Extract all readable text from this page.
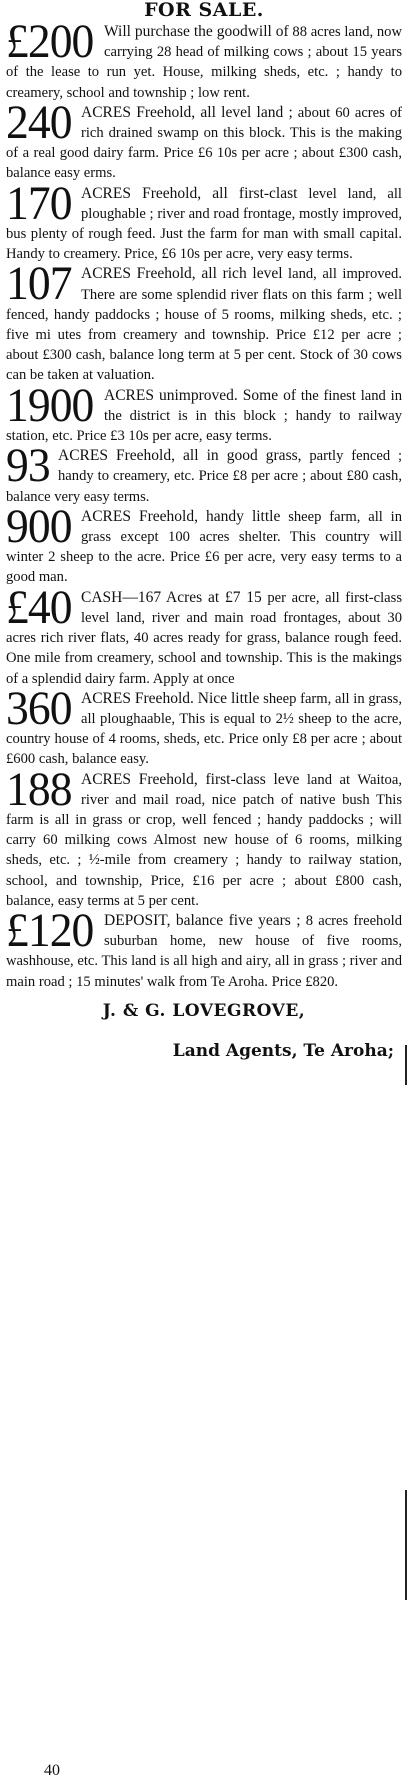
FOR SALE.

£200 Will purchase the goodwill of 88 acres land, now carrying 28 head of milking cows ; about 15 years of the lease to run yet. House, milking sheds, etc. ; handy to creamery, school and township ; low rent.

240 ACRES Freehold, all level land ; about 60 acres of rich drained swamp on this block. This is the making of a real good dairy farm. Price £6 10s per acre ; about £300 cash, balance easy erms.

170 ACRES Freehold, all first-clast level land, all ploughable ; river and road frontage, mostly improved, bus plenty of rough feed. Just the farm for man with small capital. Handy to creamery. Price, £6 10s per acre, very easy terms.

107 ACRES Freehold, all rich level land, all improved. There are some splendid river flats on this farm ; well fenced, handy paddocks ; house of 5 rooms, milking sheds, etc. ; five mi utes from creamery and township. Price £12 per acre ; about £300 cash, balance long term at 5 per cent. Stock of 30 cows can be taken at valuation.

1900 ACRES unimproved. Some of the finest land in the district is in this block ; handy to railway station, etc. Price £3 10s per acre, easy terms.

93 ACRES Freehold, all in good grass, partly fenced ; handy to creamery, etc. Price £8 per acre ; about £80 cash, balance very easy terms.

900 ACRES Freehold, handy little sheep farm, all in grass except 100 acres shelter. This country will winter 2 sheep to the acre. Price £6 per acre, very easy terms to a good man.

£40 CASH—167 Acres at £7 15 per acre, all first-class level land, river and main road frontages, about 30 acres rich river flats, 40 acres ready for grass, balance rough feed. One mile from creamery, school and township. This is the makings of a splendid dairy farm. Apply at once

360 ACRES Freehold. Nice little sheep farm, all in grass, all ploughaable, This is equal to 2½ sheep to the acre, country house of 4 rooms, sheds, etc. Price only £8 per acre ; about £600 cash, balance easy.

188 ACRES Freehold, first-class leve land at Waitoa, river and mail road, nice patch of native bush This farm is all in grass or crop, well fenced ; handy paddocks ; will carry 60 milking cows Almost new house of 6 rooms, milking sheds, etc. ; ½-mile from creamery ; handy to railway station, school, and township, Price, £16 per acre ; about £800 cash, balance, easy terms at 5 per cent.

£120 DEPOSIT, balance five years ; 8 acres freehold suburban home, new house of five rooms, washhouse, etc. This land is all high and airy, all in grass ; river and main road ; 15 minutes' walk from Te Aroha. Price £820.

J. & G. LOVEGROVE,
Land Agents, Te Aroha;
40
